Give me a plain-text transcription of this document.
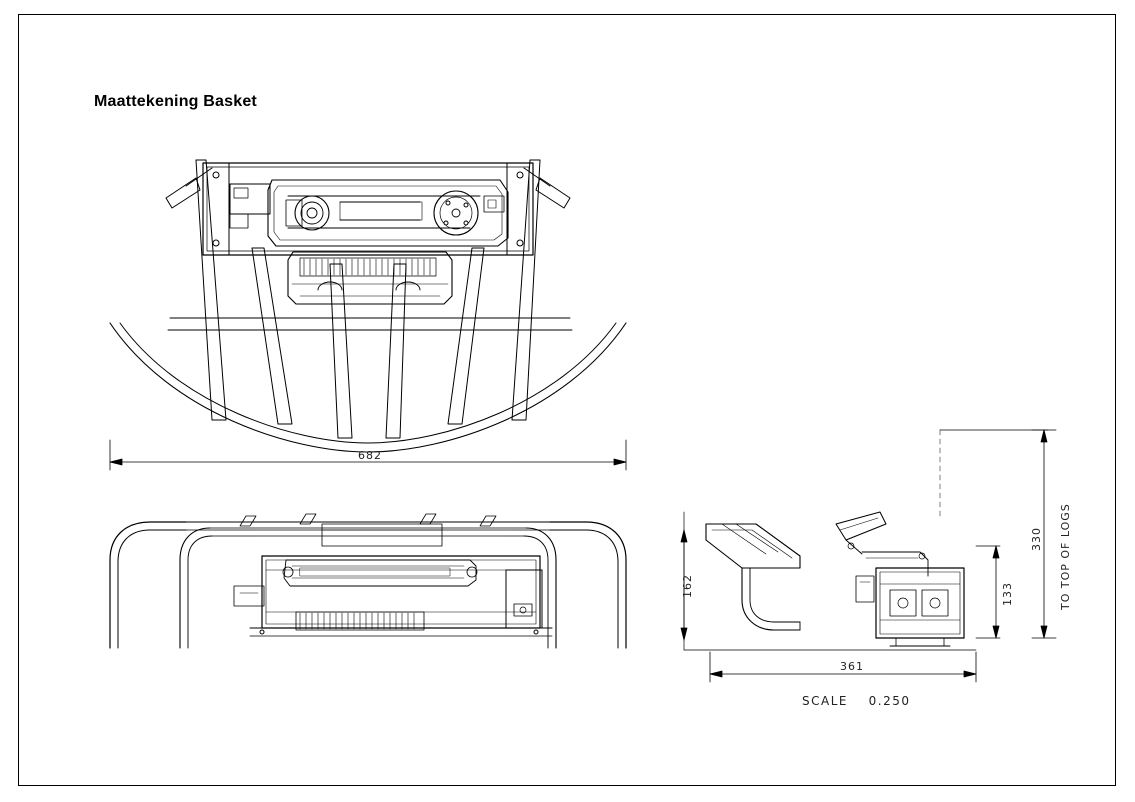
Maattekening Basket
682
162	133
330 TO TOP OF LOGS
361
SCALE 0.250
